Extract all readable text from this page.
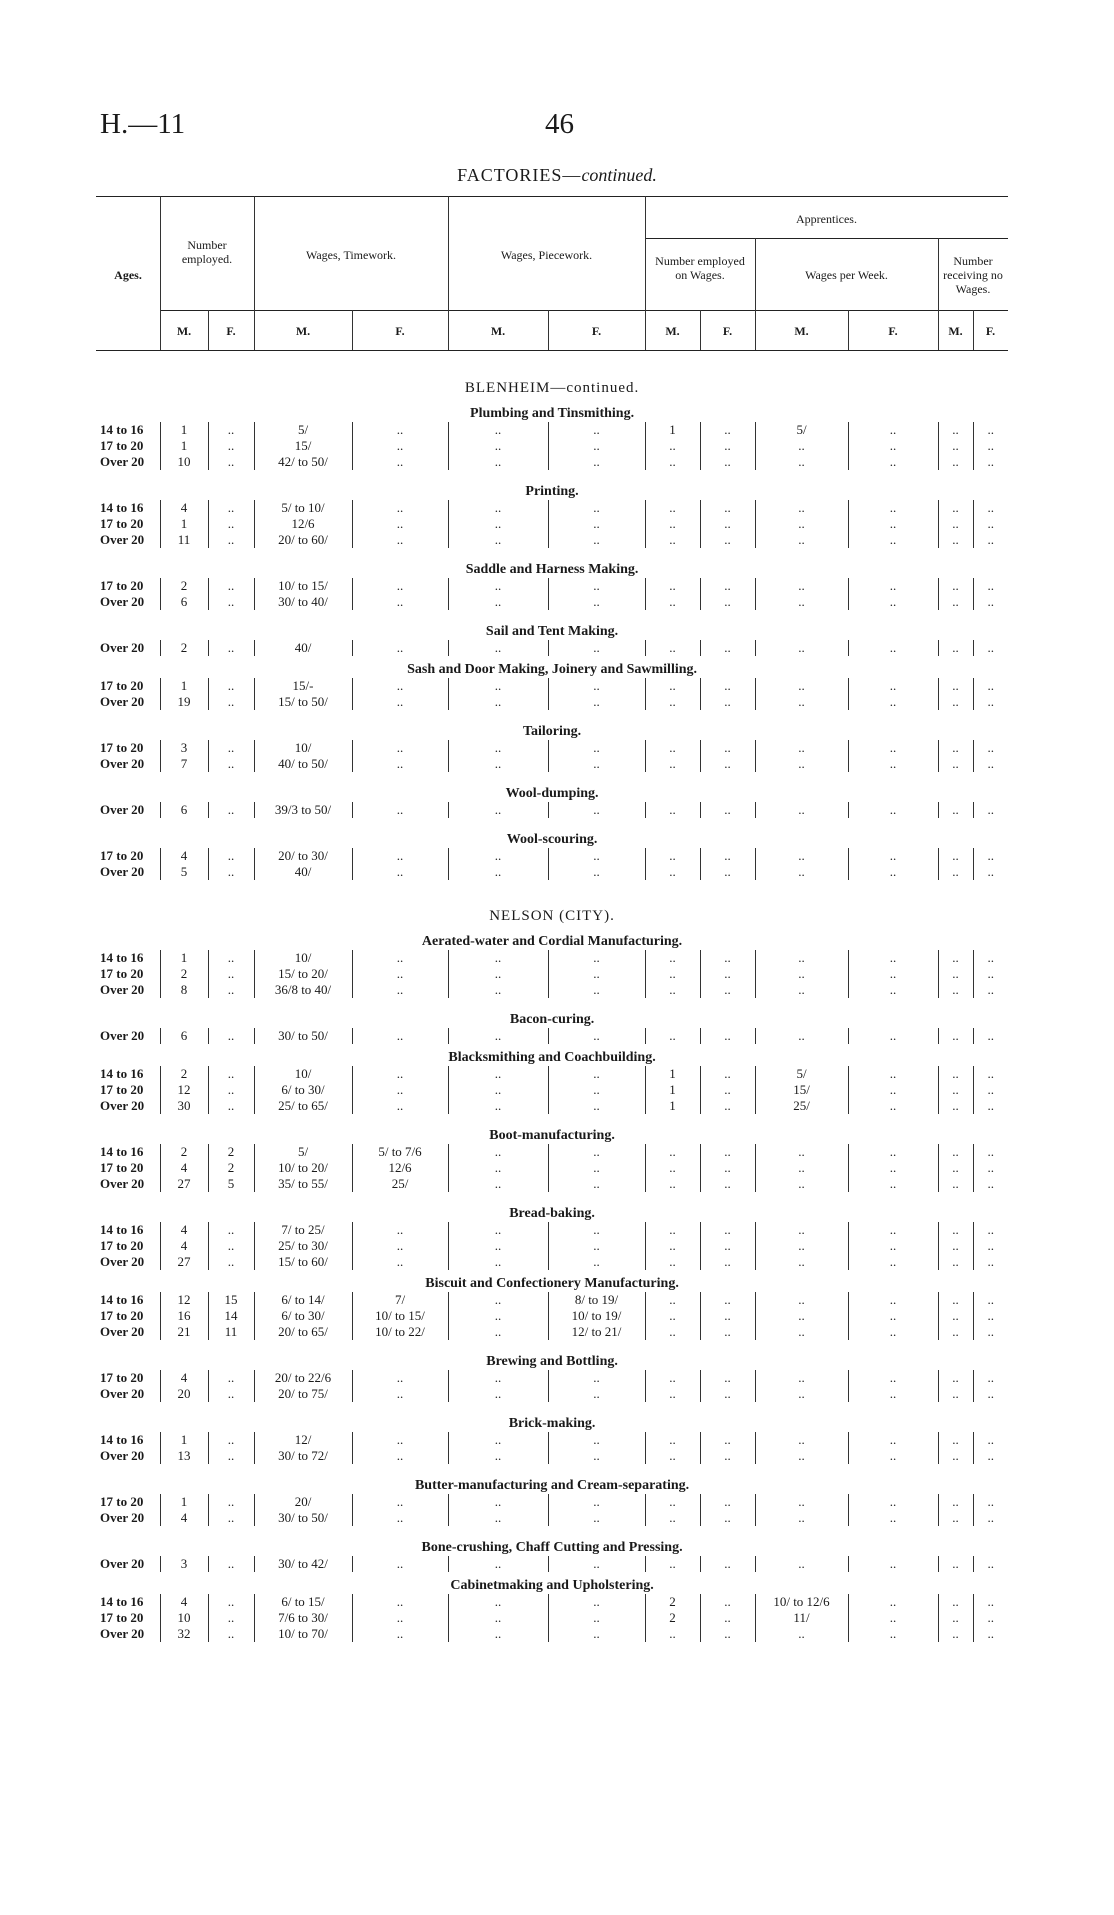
H.—11	46
FACTORIES—continued.
Ages.
Number employed.	Wages, Timework.	Wages, Piecework.
Apprentices.
Number employed on Wages.	Wages per Week.
Number receiving no Wages.
M.	F.	M.	F.	M.	F.	M.	F.	M.	F.	M.	F.
BLENHEIM—continued.												
Plumbing and Tinsmithing.												
14 to 16	1	..	5/	..	..	..	1	..	5/	..	..	..
17 to 20	1	..	15/	..	..	..	..	..	..	..	..	..
Over 20	10	..	42/ to 50/	..	..	..	..	..	..	..	..	..

Printing.												
14 to 16	4	..	5/ to 10/	..	..	..	..	..	..	..	..	..
17 to 20	1	..	12/6	..	..	..	..	..	..	..	..	..
Over 20	11	..	20/ to 60/	..	..	..	..	..	..	..	..	..

Saddle and Harness Making.												
17 to 20	2	..	10/ to 15/	..	..	..	..	..	..	..	..	..
Over 20	6	..	30/ to 40/	..	..	..	..	..	..	..	..	..

Sail and Tent Making.												
Over 20	2	..	40/	..	..	..	..	..	..	..	..	..
Sash and Door Making, Joinery and Sawmilling.												
17 to 20	1	..	15/-	..	..	..	..	..	..	..	..	..
Over 20	19	..	15/ to 50/	..	..	..	..	..	..	..	..	..

Tailoring.												
17 to 20	3	..	10/	..	..	..	..	..	..	..	..	..
Over 20	7	..	40/ to 50/	..	..	..	..	..	..	..	..	..

Wool-dumping.												
Over 20	6	..	39/3 to 50/	..	..	..	..	..	..	..	..	..

Wool-scouring.												
17 to 20	4	..	20/ to 30/	..	..	..	..	..	..	..	..	..
Over 20	5	..	40/	..	..	..	..	..	..	..	..	..
NELSON (CITY).												
Aerated-water and Cordial Manufacturing.												
14 to 16	1	..	10/	..	..	..	..	..	..	..	..	..
17 to 20	2	..	15/ to 20/	..	..	..	..	..	..	..	..	..
Over 20	8	..	36/8 to 40/	..	..	..	..	..	..	..	..	..

Bacon-curing.												
Over 20	6	..	30/ to 50/	..	..	..	..	..	..	..	..	..
Blacksmithing and Coachbuilding.												
14 to 16	2	..	10/	..	..	..	1	..	5/	..	..	..
17 to 20	12	..	6/ to 30/	..	..	..	1	..	15/	..	..	..
Over 20	30	..	25/ to 65/	..	..	..	1	..	25/	..	..	..

Boot-manufacturing.												
14 to 16	2	2	5/	5/ to 7/6	..	..	..	..	..	..	..	..
17 to 20	4	2	10/ to 20/	12/6	..	..	..	..	..	..	..	..
Over 20	27	5	35/ to 55/	25/	..	..	..	..	..	..	..	..

Bread-baking.												
14 to 16	4	..	7/ to 25/	..	..	..	..	..	..	..	..	..
17 to 20	4	..	25/ to 30/	..	..	..	..	..	..	..	..	..
Over 20	27	..	15/ to 60/	..	..	..	..	..	..	..	..	..
Biscuit and Confectionery Manufacturing.												
14 to 16	12	15	6/ to 14/	7/	..	8/ to 19/	..	..	..	..	..	..
17 to 20	16	14	6/ to 30/	10/ to 15/	..	10/ to 19/	..	..	..	..	..	..
Over 20	21	11	20/ to 65/	10/ to 22/	..	12/ to 21/	..	..	..	..	..	..

Brewing and Bottling.												
17 to 20	4	..	20/ to 22/6	..	..	..	..	..	..	..	..	..
Over 20	20	..	20/ to 75/	..	..	..	..	..	..	..	..	..

Brick-making.												
14 to 16	1	..	12/	..	..	..	..	..	..	..	..	..
Over 20	13	..	30/ to 72/	..	..	..	..	..	..	..	..	..

Butter-manufacturing and Cream-separating.												
17 to 20	1	..	20/	..	..	..	..	..	..	..	..	..
Over 20	4	..	30/ to 50/	..	..	..	..	..	..	..	..	..

Bone-crushing, Chaff Cutting and Pressing.												
Over 20	3	..	30/ to 42/	..	..	..	..	..	..	..	..	..
Cabinetmaking and Upholstering.												
14 to 16	4	..	6/ to 15/	..	..	..	2	..	10/ to 12/6	..	..	..
17 to 20	10	..	7/6 to 30/	..	..	..	2	..	11/	..	..	..
Over 20	32	..	10/ to 70/	..	..	..	..	..	..	..	..	..
